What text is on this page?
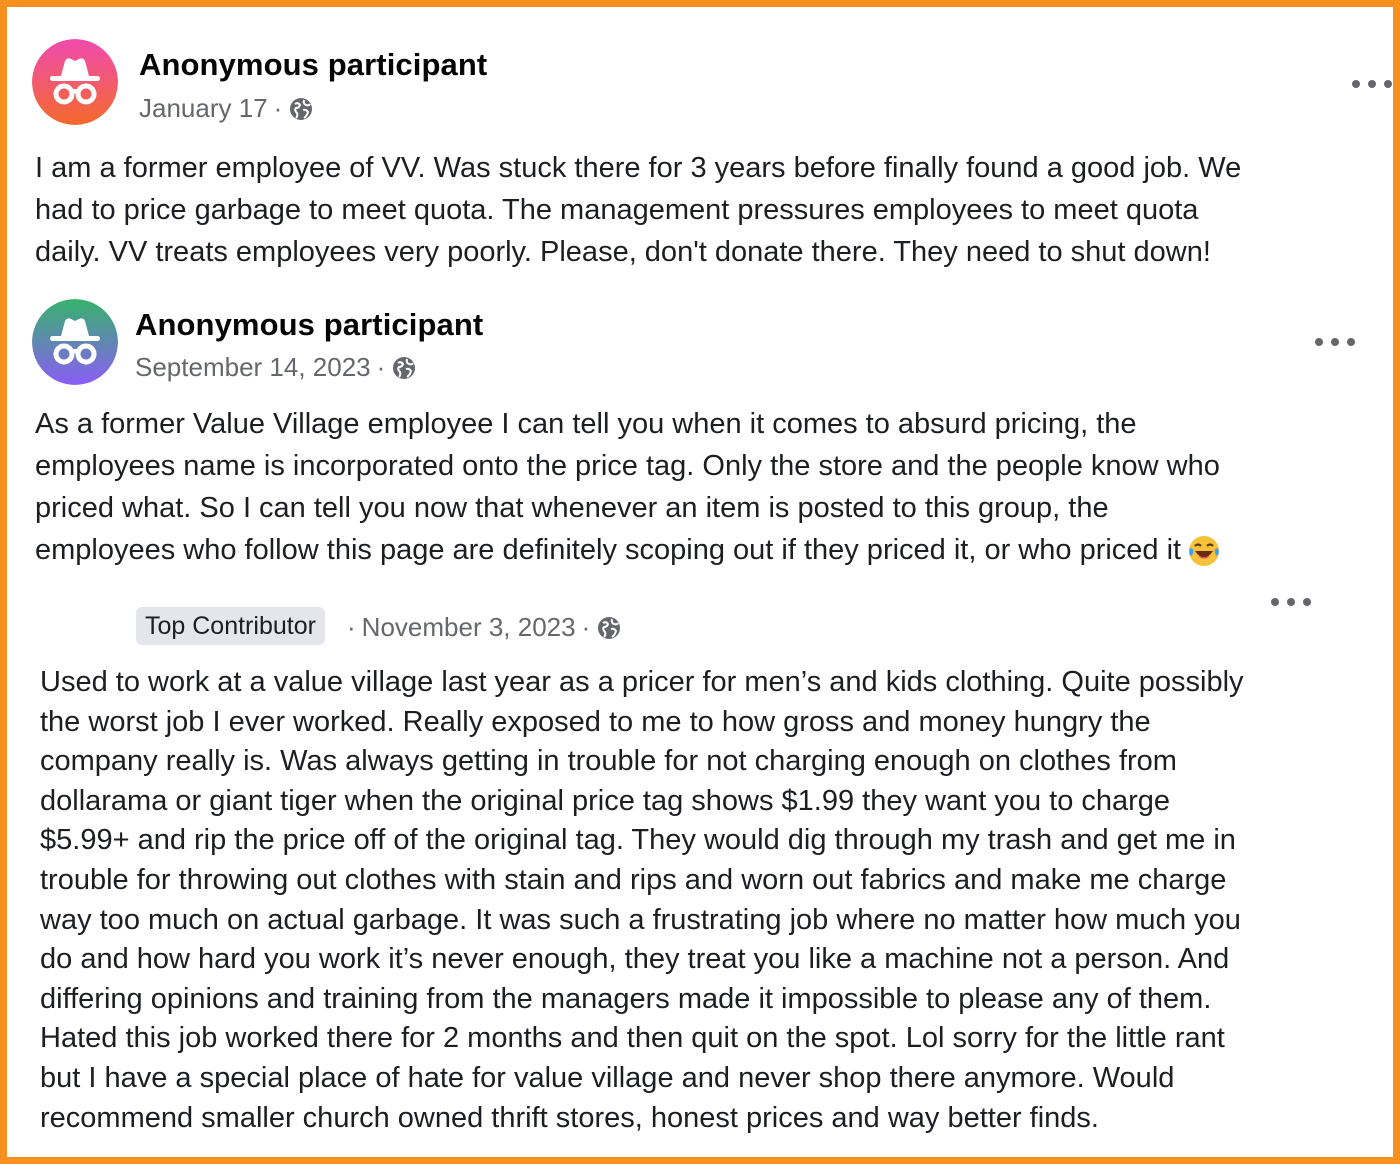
Anonymous participant
January 17 ·
I am a former employee of VV. Was stuck there for 3 years before finally found a good job. We
had to price garbage to meet quota. The management pressures employees to meet quota
daily. VV treats employees very poorly. Please, don't donate there. They need to shut down!
Anonymous participant
September 14, 2023 ·
As a former Value Village employee I can tell you when it comes to absurd pricing, the
employees name is incorporated onto the price tag. Only the store and the people know who
priced what. So I can tell you now that whenever an item is posted to this group, the
employees who follow this page are definitely scoping out if they priced it, or who priced it
Top Contributor	· November 3, 2023 ·
Used to work at a value village last year as a pricer for men’s and kids clothing. Quite possibly
the worst job I ever worked. Really exposed to me to how gross and money hungry the
company really is. Was always getting in trouble for not charging enough on clothes from
dollarama or giant tiger when the original price tag shows $1.99 they want you to charge
$5.99+ and rip the price off of the original tag. They would dig through my trash and get me in
trouble for throwing out clothes with stain and rips and worn out fabrics and make me charge
way too much on actual garbage. It was such a frustrating job where no matter how much you
do and how hard you work it’s never enough, they treat you like a machine not a person. And
differing opinions and training from the managers made it impossible to please any of them.
Hated this job worked there for 2 months and then quit on the spot. Lol sorry for the little rant
but I have a special place of hate for value village and never shop there anymore. Would
recommend smaller church owned thrift stores, honest prices and way better finds.
